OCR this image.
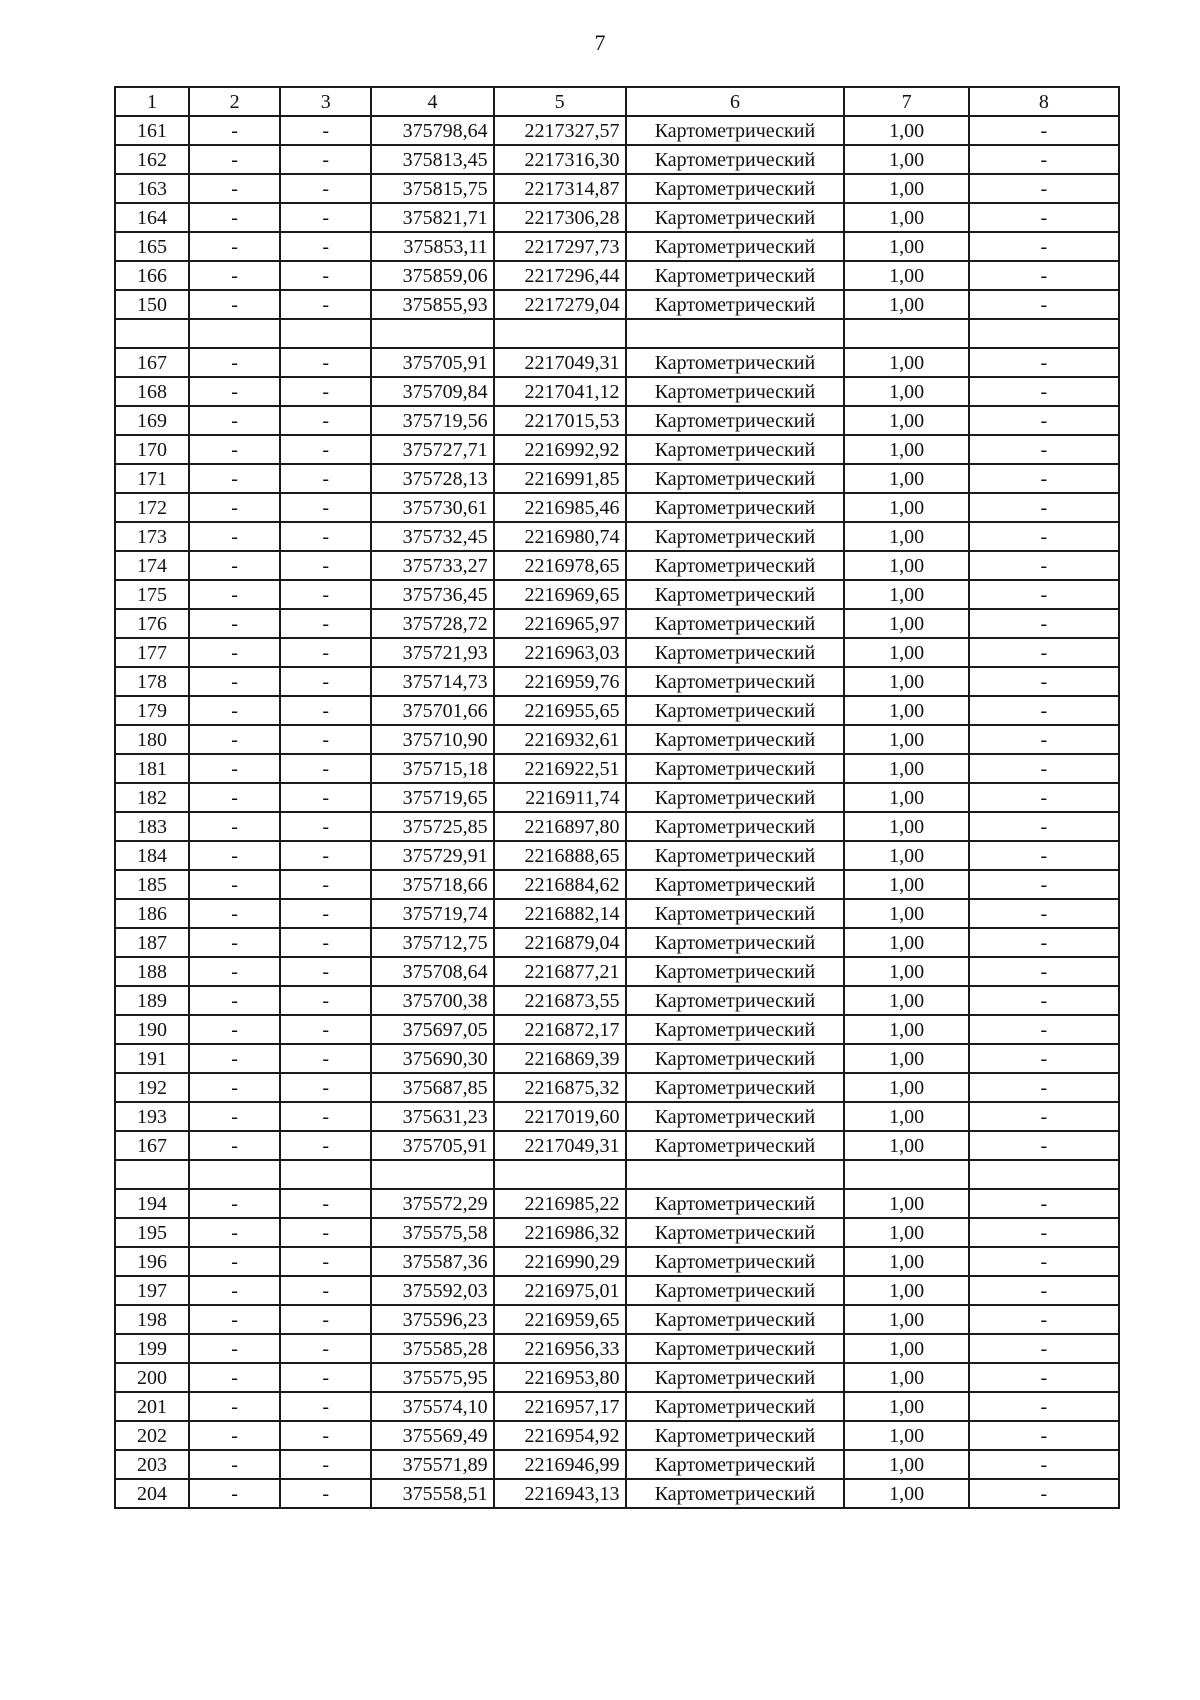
7
1	2	3	4	5	6	7	8
161	-	-	375798,64	2217327,57	Картометрический	1,00	-
162	-	-	375813,45	2217316,30	Картометрический	1,00	-
163	-	-	375815,75	2217314,87	Картометрический	1,00	-
164	-	-	375821,71	2217306,28	Картометрический	1,00	-
165	-	-	375853,11	2217297,73	Картометрический	1,00	-
166	-	-	375859,06	2217296,44	Картометрический	1,00	-
150	-	-	375855,93	2217279,04	Картометрический	1,00	-

167	-	-	375705,91	2217049,31	Картометрический	1,00	-
168	-	-	375709,84	2217041,12	Картометрический	1,00	-
169	-	-	375719,56	2217015,53	Картометрический	1,00	-
170	-	-	375727,71	2216992,92	Картометрический	1,00	-
171	-	-	375728,13	2216991,85	Картометрический	1,00	-
172	-	-	375730,61	2216985,46	Картометрический	1,00	-
173	-	-	375732,45	2216980,74	Картометрический	1,00	-
174	-	-	375733,27	2216978,65	Картометрический	1,00	-
175	-	-	375736,45	2216969,65	Картометрический	1,00	-
176	-	-	375728,72	2216965,97	Картометрический	1,00	-
177	-	-	375721,93	2216963,03	Картометрический	1,00	-
178	-	-	375714,73	2216959,76	Картометрический	1,00	-
179	-	-	375701,66	2216955,65	Картометрический	1,00	-
180	-	-	375710,90	2216932,61	Картометрический	1,00	-
181	-	-	375715,18	2216922,51	Картометрический	1,00	-
182	-	-	375719,65	2216911,74	Картометрический	1,00	-
183	-	-	375725,85	2216897,80	Картометрический	1,00	-
184	-	-	375729,91	2216888,65	Картометрический	1,00	-
185	-	-	375718,66	2216884,62	Картометрический	1,00	-
186	-	-	375719,74	2216882,14	Картометрический	1,00	-
187	-	-	375712,75	2216879,04	Картометрический	1,00	-
188	-	-	375708,64	2216877,21	Картометрический	1,00	-
189	-	-	375700,38	2216873,55	Картометрический	1,00	-
190	-	-	375697,05	2216872,17	Картометрический	1,00	-
191	-	-	375690,30	2216869,39	Картометрический	1,00	-
192	-	-	375687,85	2216875,32	Картометрический	1,00	-
193	-	-	375631,23	2217019,60	Картометрический	1,00	-
167	-	-	375705,91	2217049,31	Картометрический	1,00	-

194	-	-	375572,29	2216985,22	Картометрический	1,00	-
195	-	-	375575,58	2216986,32	Картометрический	1,00	-
196	-	-	375587,36	2216990,29	Картометрический	1,00	-
197	-	-	375592,03	2216975,01	Картометрический	1,00	-
198	-	-	375596,23	2216959,65	Картометрический	1,00	-
199	-	-	375585,28	2216956,33	Картометрический	1,00	-
200	-	-	375575,95	2216953,80	Картометрический	1,00	-
201	-	-	375574,10	2216957,17	Картометрический	1,00	-
202	-	-	375569,49	2216954,92	Картометрический	1,00	-
203	-	-	375571,89	2216946,99	Картометрический	1,00	-
204	-	-	375558,51	2216943,13	Картометрический	1,00	-
